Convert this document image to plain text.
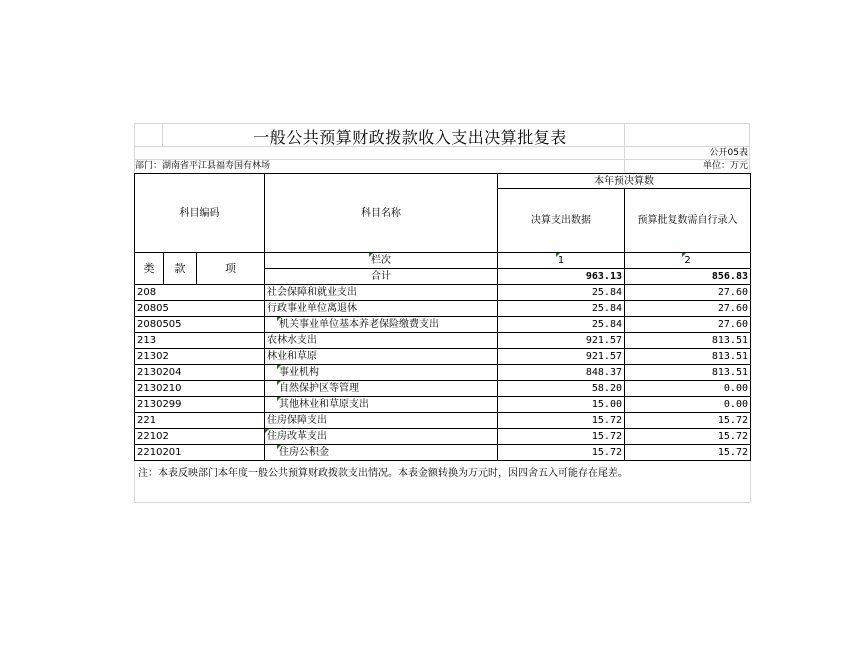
一般公共预算财政拨款收入支出决算批复表
公开05表
部门：湖南省平江县福寿国有林场	单位：万元
科目编码			科目名称	本年预决算数	
				决算支出数据	预算批复数需自行录入
类	款	项	栏次	1	2
			合计	963.13	856.83
208			社会保障和就业支出	25.84	27.60
20805			行政事业单位离退休	25.84	27.60
2080505			机关事业单位基本养老保险缴费支出	25.84	27.60
213			农林水支出	921.57	813.51
21302			林业和草原	921.57	813.51
2130204			事业机构	848.37	813.51
2130210			自然保护区等管理	58.20	0.00
2130299			其他林业和草原支出	15.00	0.00
221			住房保障支出	15.72	15.72
22102			住房改革支出	15.72	15.72
2210201			住房公积金	15.72	15.72
注：本表反映部门本年度一般公共预算财政拨款支出情况。本表金额转换为万元时，因四舍五入可能存在尾差。
